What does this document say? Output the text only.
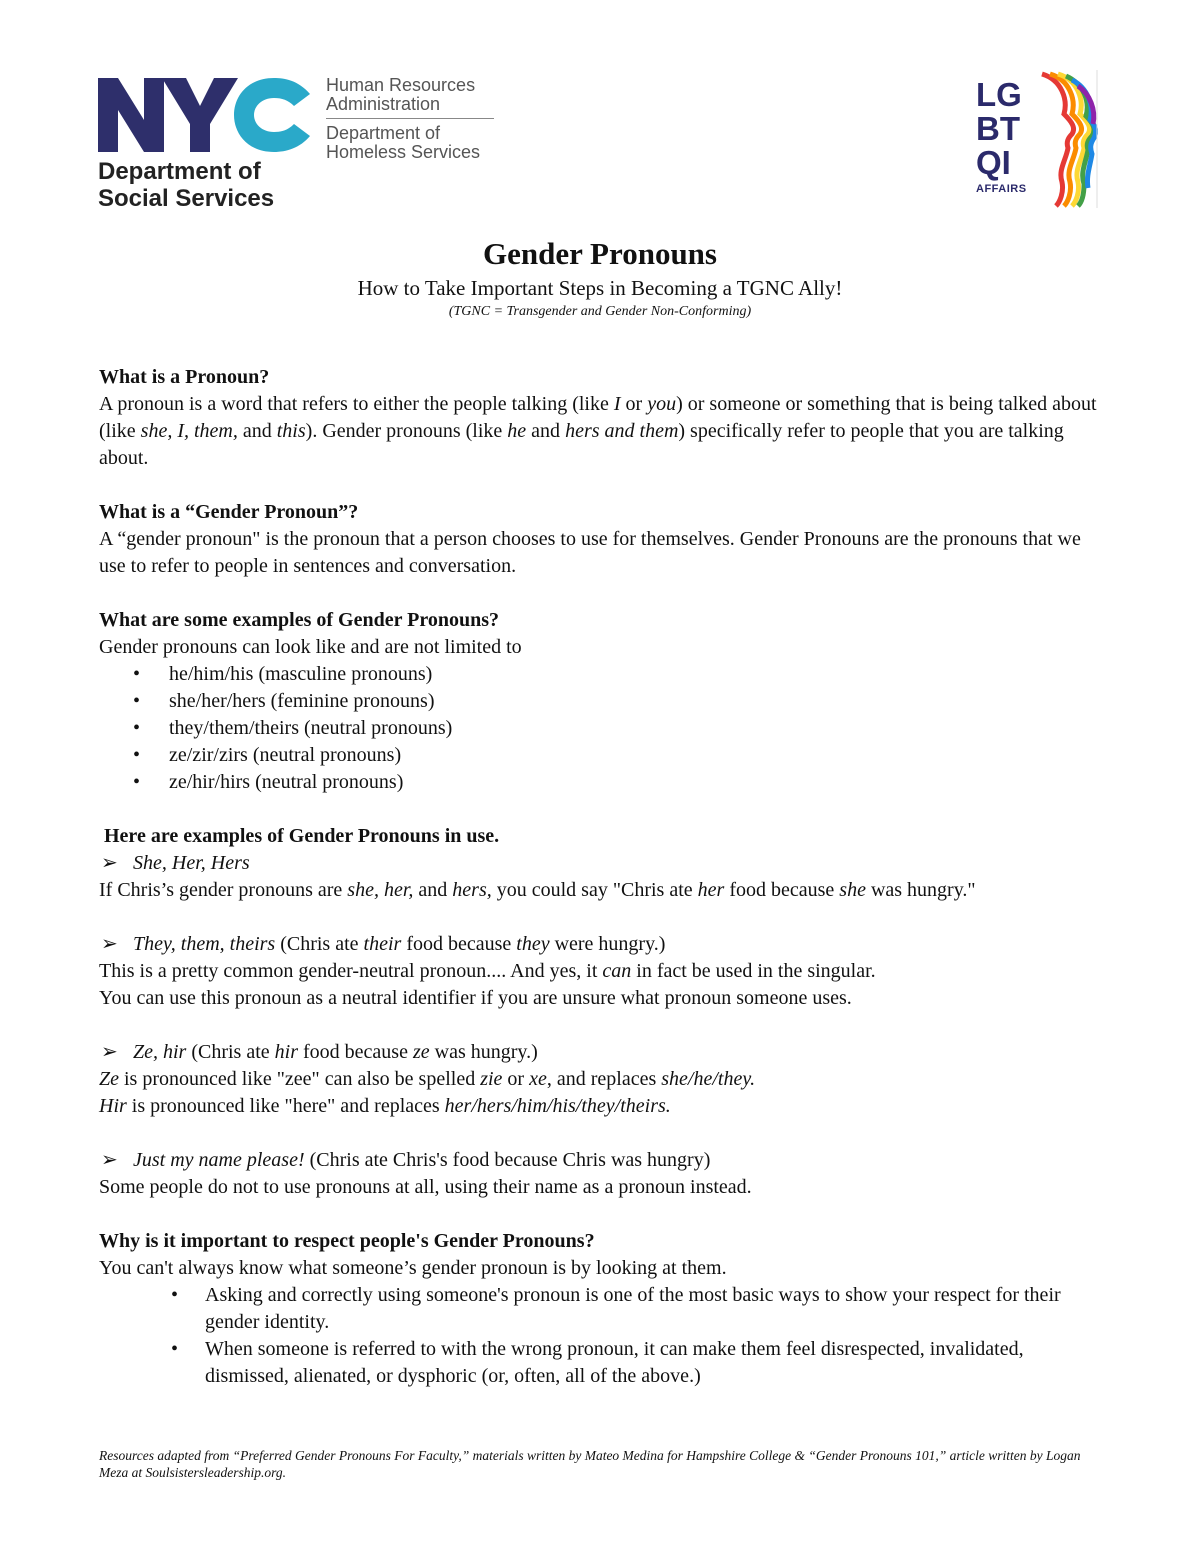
Department of
Social Services
Human Resources
Administration
Department of
Homeless Services
LG
BT
QI
AFFAIRS
Gender Pronouns
How to Take Important Steps in Becoming a TGNC Ally!
(TGNC = Transgender and Gender Non-Conforming)

What is a Pronoun?

A pronoun is a word that refers to either the people talking (like I or you) or someone or something that is being talked about (like she, I, them, and this). Gender pronouns (like he and hers and them) specifically refer to people that you are talking about.

What is a “Gender Pronoun”?

A “gender pronoun" is the pronoun that a person chooses to use for themselves. Gender Pronouns are the pronouns that we use to refer to people in sentences and conversation.

What are some examples of Gender Pronouns?

Gender pronouns can look like and are not limited to

• he/him/his (masculine pronouns)
• she/her/hers (feminine pronouns)
• they/them/theirs (neutral pronouns)
• ze/zir/zirs (neutral pronouns)
• ze/hir/hirs (neutral pronouns)

Here are examples of Gender Pronouns in use.

➢ She, Her, Hers

If Chris’s gender pronouns are she, her, and hers, you could say "Chris ate her food because she was hungry."

➢ They, them, theirs (Chris ate their food because they were hungry.)

This is a pretty common gender-neutral pronoun.... And yes, it can in fact be used in the singular.

You can use this pronoun as a neutral identifier if you are unsure what pronoun someone uses.

➢ Ze, hir (Chris ate hir food because ze was hungry.)

Ze is pronounced like "zee" can also be spelled zie or xe, and replaces she/he/they.

Hir is pronounced like "here" and replaces her/hers/him/his/they/theirs.

➢ Just my name please! (Chris ate Chris's food because Chris was hungry)

Some people do not to use pronouns at all, using their name as a pronoun instead.

Why is it important to respect people's Gender Pronouns?

You can't always know what someone’s gender pronoun is by looking at them.

• Asking and correctly using someone's pronoun is one of the most basic ways to show your respect for their gender identity.
• When someone is referred to with the wrong pronoun, it can make them feel disrespected, invalidated, dismissed, alienated, or dysphoric (or, often, all of the above.)
Resources adapted from “Preferred Gender Pronouns For Faculty,” materials written by Mateo Medina for Hampshire College & “Gender Pronouns 101,” article written by Logan Meza at Soulsistersleadership.org.
